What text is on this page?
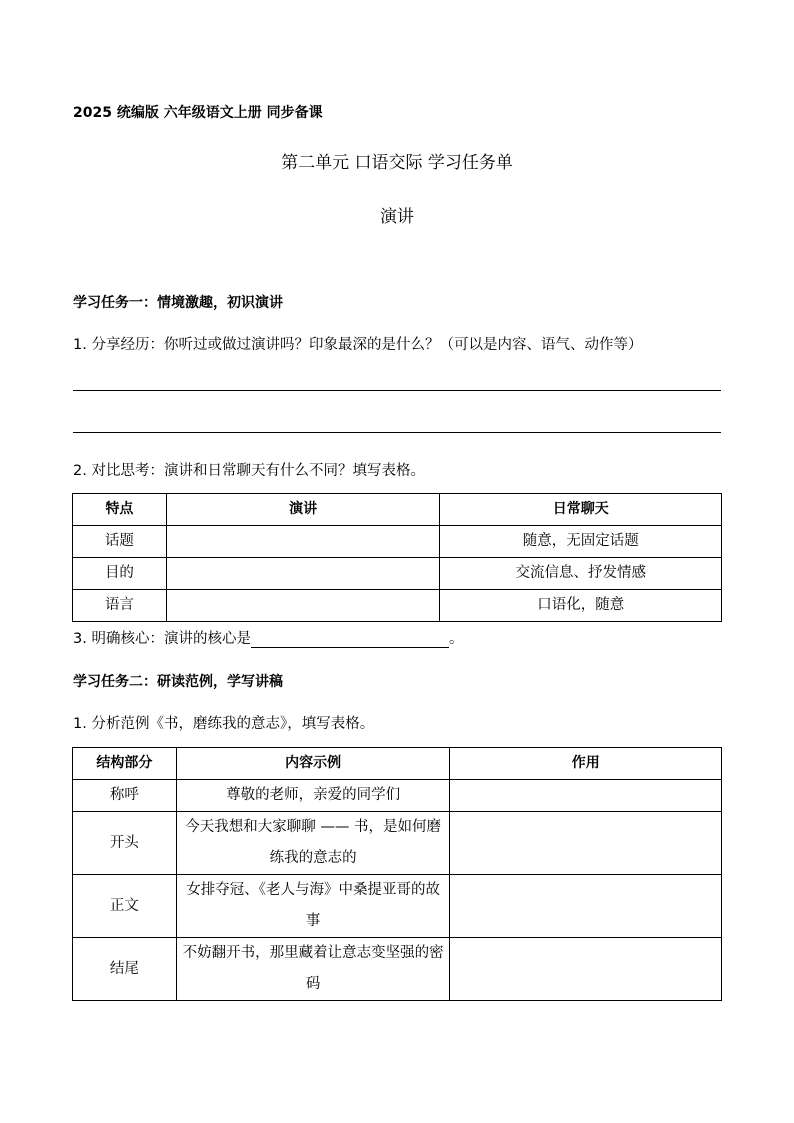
2025 统编版 六年级语文上册 同步备课
第二单元 口语交际 学习任务单
演讲
学习任务一：情境激趣，初识演讲
1. 分享经历：你听过或做过演讲吗？印象最深的是什么？（可以是内容、语气、动作等）
2. 对比思考：演讲和日常聊天有什么不同？填写表格。
特点	演讲	日常聊天
话题		随意，无固定话题
目的		交流信息、抒发情感
语言		口语化，随意
3. 明确核心：演讲的核心是	。
学习任务二：研读范例，学写讲稿
1. 分析范例《书，磨练我的意志》，填写表格。
结构部分	内容示例	作用
称呼	尊敬的老师，亲爱的同学们	
开头	今天我想和大家聊聊 —— 书，是如何磨练我的意志的	
正文	女排夺冠、《老人与海》中桑提亚哥的故事	
结尾	不妨翻开书，那里藏着让意志变坚强的密码	
